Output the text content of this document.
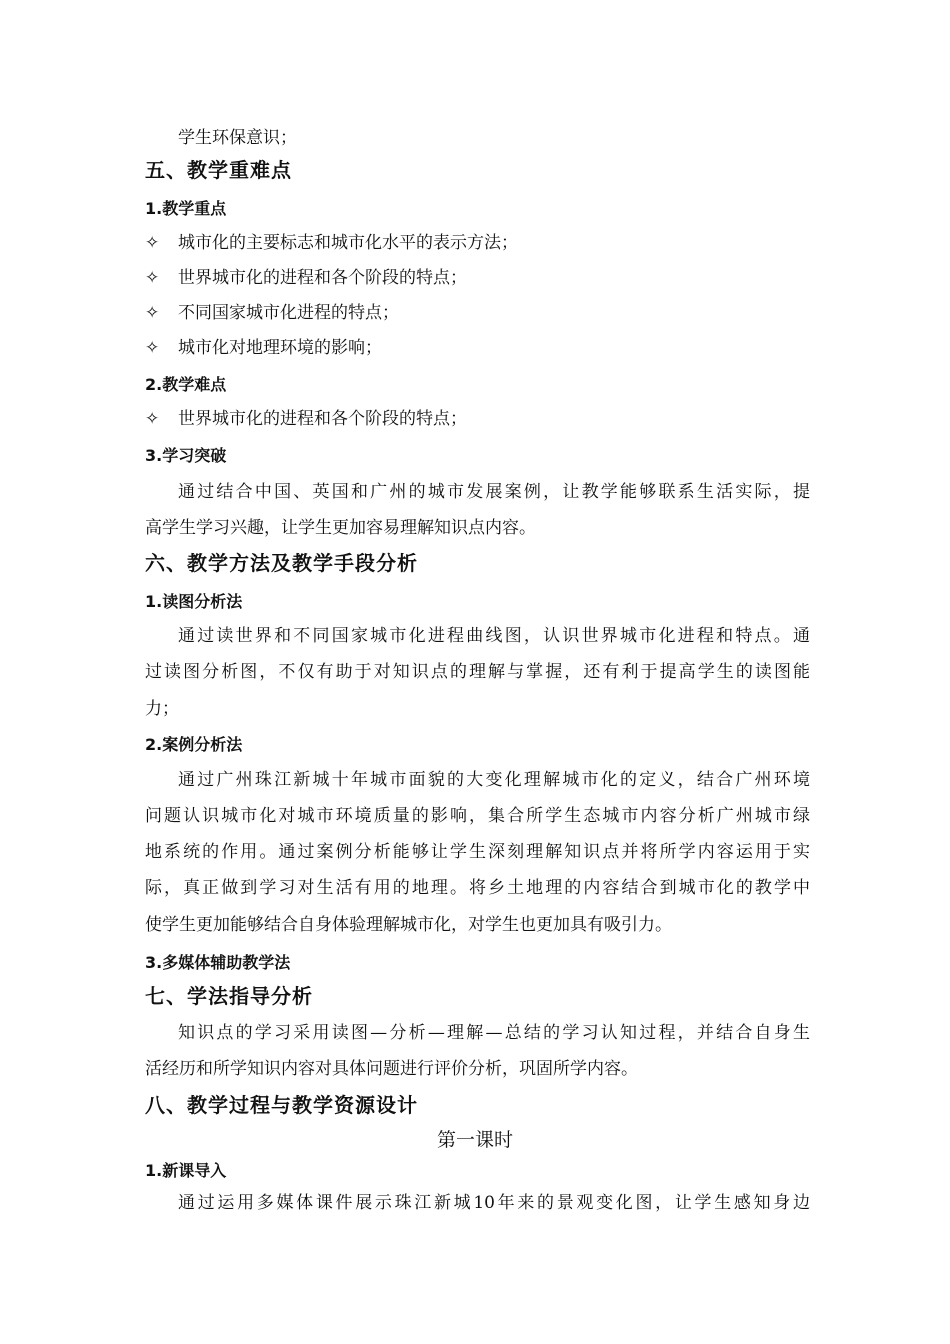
学生环保意识；
五、教学重难点
1.教学重点
✧ 城市化的主要标志和城市化水平的表示方法；
✧ 世界城市化的进程和各个阶段的特点；
✧ 不同国家城市化进程的特点；
✧ 城市化对地理环境的影响；
2.教学难点
✧ 世界城市化的进程和各个阶段的特点；
3.学习突破
通过结合中国、英国和广州的城市发展案例，让教学能够联系生活实际，提
高学生学习兴趣，让学生更加容易理解知识点内容。
六、教学方法及教学手段分析
1.读图分析法
通过读世界和不同国家城市化进程曲线图，认识世界城市化进程和特点。通
过读图分析图，不仅有助于对知识点的理解与掌握，还有利于提高学生的读图能
力；
2.案例分析法
通过广州珠江新城十年城市面貌的大变化理解城市化的定义，结合广州环境
问题认识城市化对城市环境质量的影响，集合所学生态城市内容分析广州城市绿
地系统的作用。通过案例分析能够让学生深刻理解知识点并将所学内容运用于实
际，真正做到学习对生活有用的地理。将乡土地理的内容结合到城市化的教学中
使学生更加能够结合自身体验理解城市化，对学生也更加具有吸引力。
3.多媒体辅助教学法
七、学法指导分析
知识点的学习采用读图—分析—理解—总结的学习认知过程，并结合自身生
活经历和所学知识内容对具体问题进行评价分析，巩固所学内容。
八、教学过程与教学资源设计
第一课时
1.新课导入
通过运用多媒体课件展示珠江新城10年来的景观变化图，让学生感知身边
